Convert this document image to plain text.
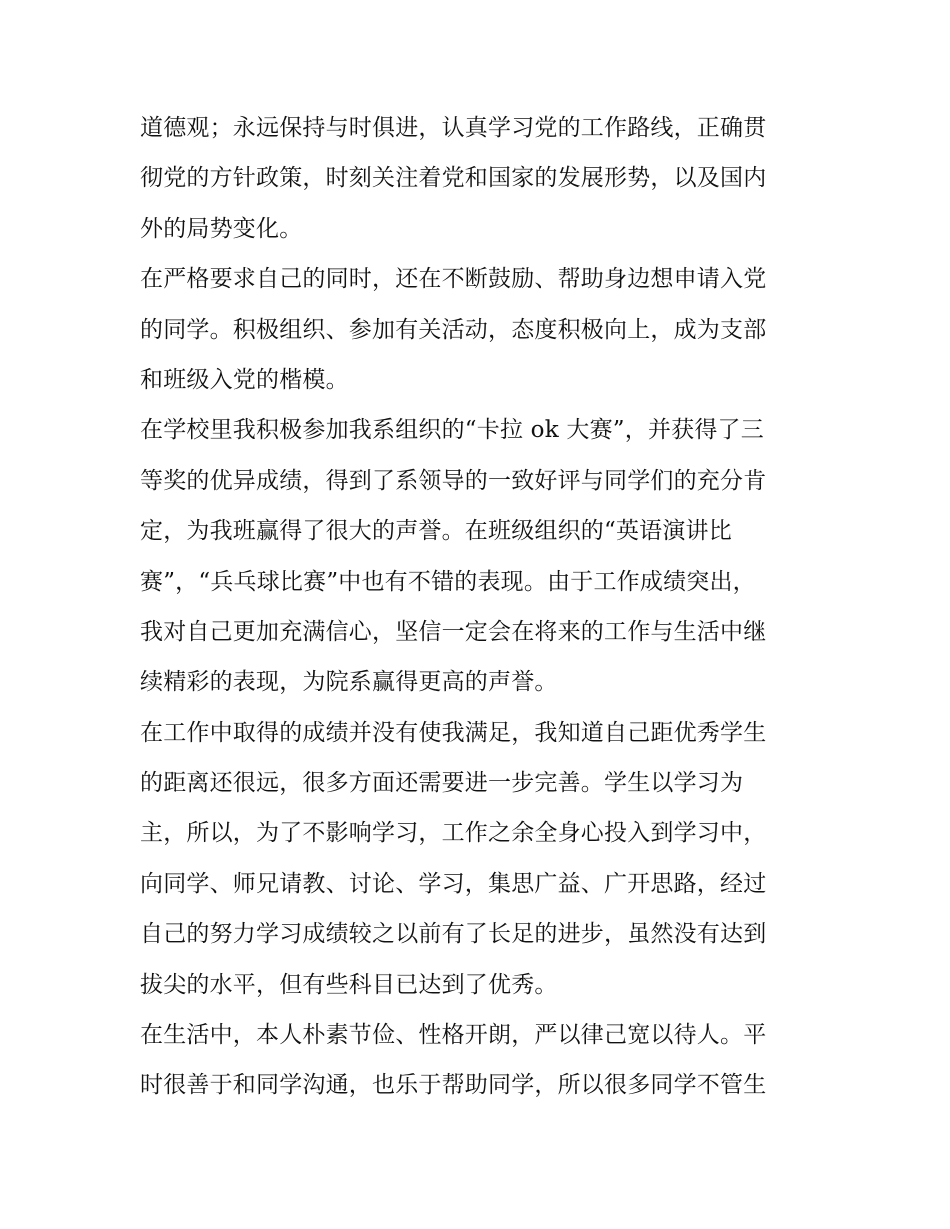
道德观；永远保持与时俱进，认真学习党的工作路线，正确贯
彻党的方针政策，时刻关注着党和国家的发展形势，以及国内
外的局势变化。
在严格要求自己的同时，还在不断鼓励、帮助身边想申请入党
的同学。积极组织、参加有关活动，态度积极向上，成为支部
和班级入党的楷模。
在学校里我积极参加我系组织的“卡拉 ok 大赛”，并获得了三
等奖的优异成绩，得到了系领导的一致好评与同学们的充分肯
定，为我班赢得了很大的声誉。在班级组织的“英语演讲比
赛”，“兵乓球比赛”中也有不错的表现。由于工作成绩突出，
我对自己更加充满信心，坚信一定会在将来的工作与生活中继
续精彩的表现，为院系赢得更高的声誉。
在工作中取得的成绩并没有使我满足，我知道自己距优秀学生
的距离还很远，很多方面还需要进一步完善。学生以学习为
主，所以，为了不影响学习，工作之余全身心投入到学习中，
向同学、师兄请教、讨论、学习，集思广益、广开思路，经过
自己的努力学习成绩较之以前有了长足的进步，虽然没有达到
拔尖的水平，但有些科目已达到了优秀。
在生活中，本人朴素节俭、性格开朗，严以律己宽以待人。平
时很善于和同学沟通，也乐于帮助同学，所以很多同学不管生
